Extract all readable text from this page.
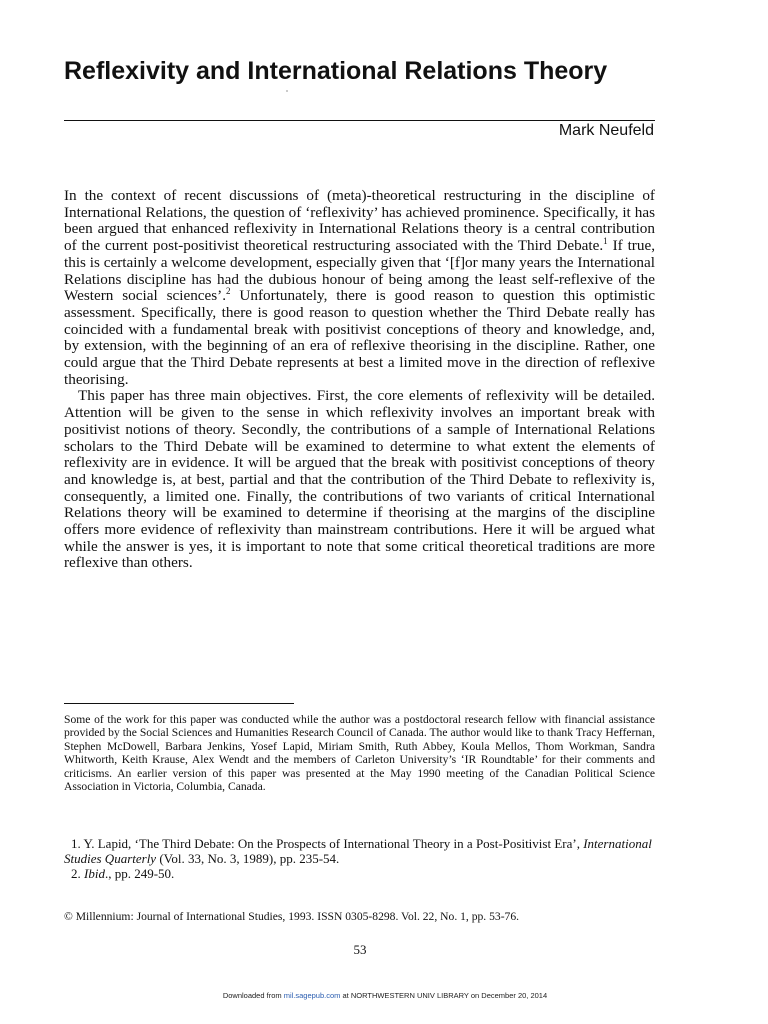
Reflexivity and International Relations Theory
Mark Neufeld

In the context of recent discussions of (meta)-theoretical restructuring in the discipline of International Relations, the question of ‘reflexivity’ has achieved prominence. Specifically, it has been argued that enhanced reflexivity in International Relations theory is a central contribution of the current post-positivist theoretical restructuring associated with the Third Debate.$^1$ If true, this is certainly a welcome development, especially given that ‘[f]or many years the International Relations discipline has had the dubious honour of being among the least self-reflexive of the Western social sciences’.$^2$ Unfortunately, there is good reason to question this optimistic assessment. Specifically, there is good reason to question whether the Third Debate really has coincided with a fundamental break with positivist conceptions of theory and knowledge, and, by extension, with the beginning of an era of reflexive theorising in the discipline. Rather, one could argue that the Third Debate represents at best a limited move in the direction of reflexive theorising.

This paper has three main objectives. First, the core elements of reflexivity will be detailed. Attention will be given to the sense in which reflexivity involves an important break with positivist notions of theory. Secondly, the contributions of a sample of International Relations scholars to the Third Debate will be examined to determine to what extent the elements of reflexivity are in evidence. It will be argued that the break with positivist conceptions of theory and knowledge is, at best, partial and that the contribution of the Third Debate to reflexivity is, consequently, a limited one. Finally, the contributions of two variants of critical International Relations theory will be examined to determine if theorising at the margins of the discipline offers more evidence of reflexivity than mainstream contributions. Here it will be argued what while the answer is yes, it is important to note that some critical theoretical traditions are more reflexive than others.

Some of the work for this paper was conducted while the author was a postdoctoral research fellow with financial assistance provided by the Social Sciences and Humanities Research Council of Canada. The author would like to thank Tracy Heffernan, Stephen McDowell, Barbara Jenkins, Yosef Lapid, Miriam Smith, Ruth Abbey, Koula Mellos, Thom Workman, Sandra Whitworth, Keith Krause, Alex Wendt and the members of Carleton University’s ‘IR Roundtable’ for their comments and criticisms. An earlier version of this paper was presented at the May 1990 meeting of the Canadian Political Science Association in Victoria, Columbia, Canada.

1. Y. Lapid, ‘The Third Debate: On the Prospects of International Theory in a Post-Positivist Era’, International Studies Quarterly (Vol. 33, No. 3, 1989), pp. 235-54.

2. Ibid., pp. 249-50.

© Millennium: Journal of International Studies, 1993. ISSN 0305-8298. Vol. 22, No. 1, pp. 53-76.
53
Downloaded from mil.sagepub.com at NORTHWESTERN UNIV LIBRARY on December 20, 2014
